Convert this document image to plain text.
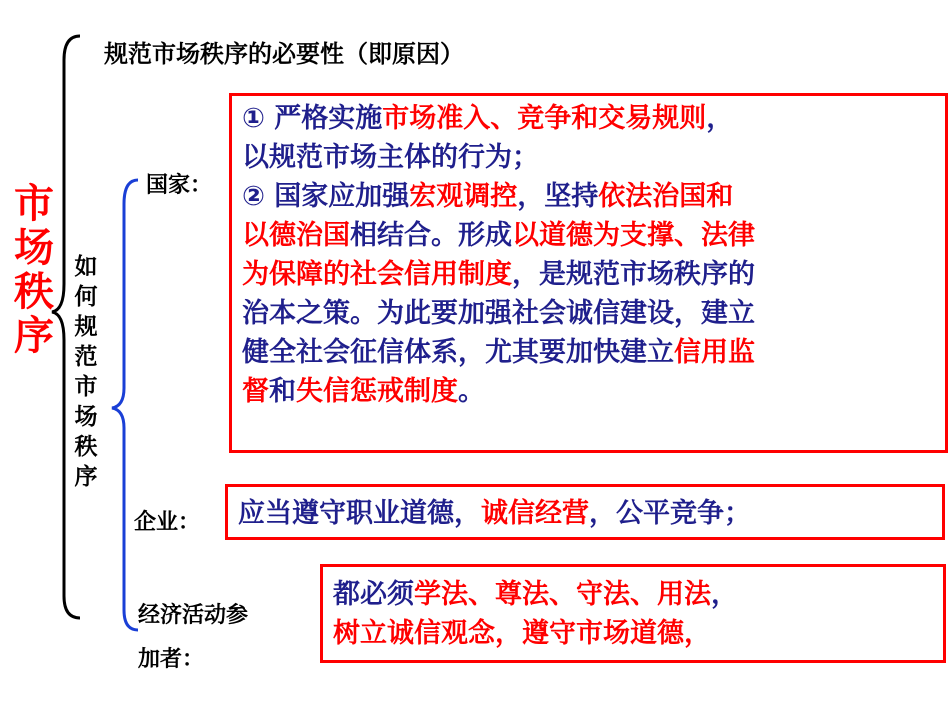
市
场
秩
序
如
何
规
范
市
场
秩
序
规范市场秩序的必要性（即原因）
国家：
企业：
经济活动参
加者：
① 严格实施市场准入、竞争和交易规则，
以规范市场主体的行为；
② 国家应加强宏观调控，坚持依法治国和
以德治国相结合。形成以道德为支撑、法律
为保障的社会信用制度，是规范市场秩序的
治本之策。为此要加强社会诚信建设，建立
健全社会征信体系，尤其要加快建立信用监
督和失信惩戒制度。
应当遵守职业道德，诚信经营，公平竞争；
都必须学法、尊法、守法、用法，
树立诚信观念，遵守市场道德，
